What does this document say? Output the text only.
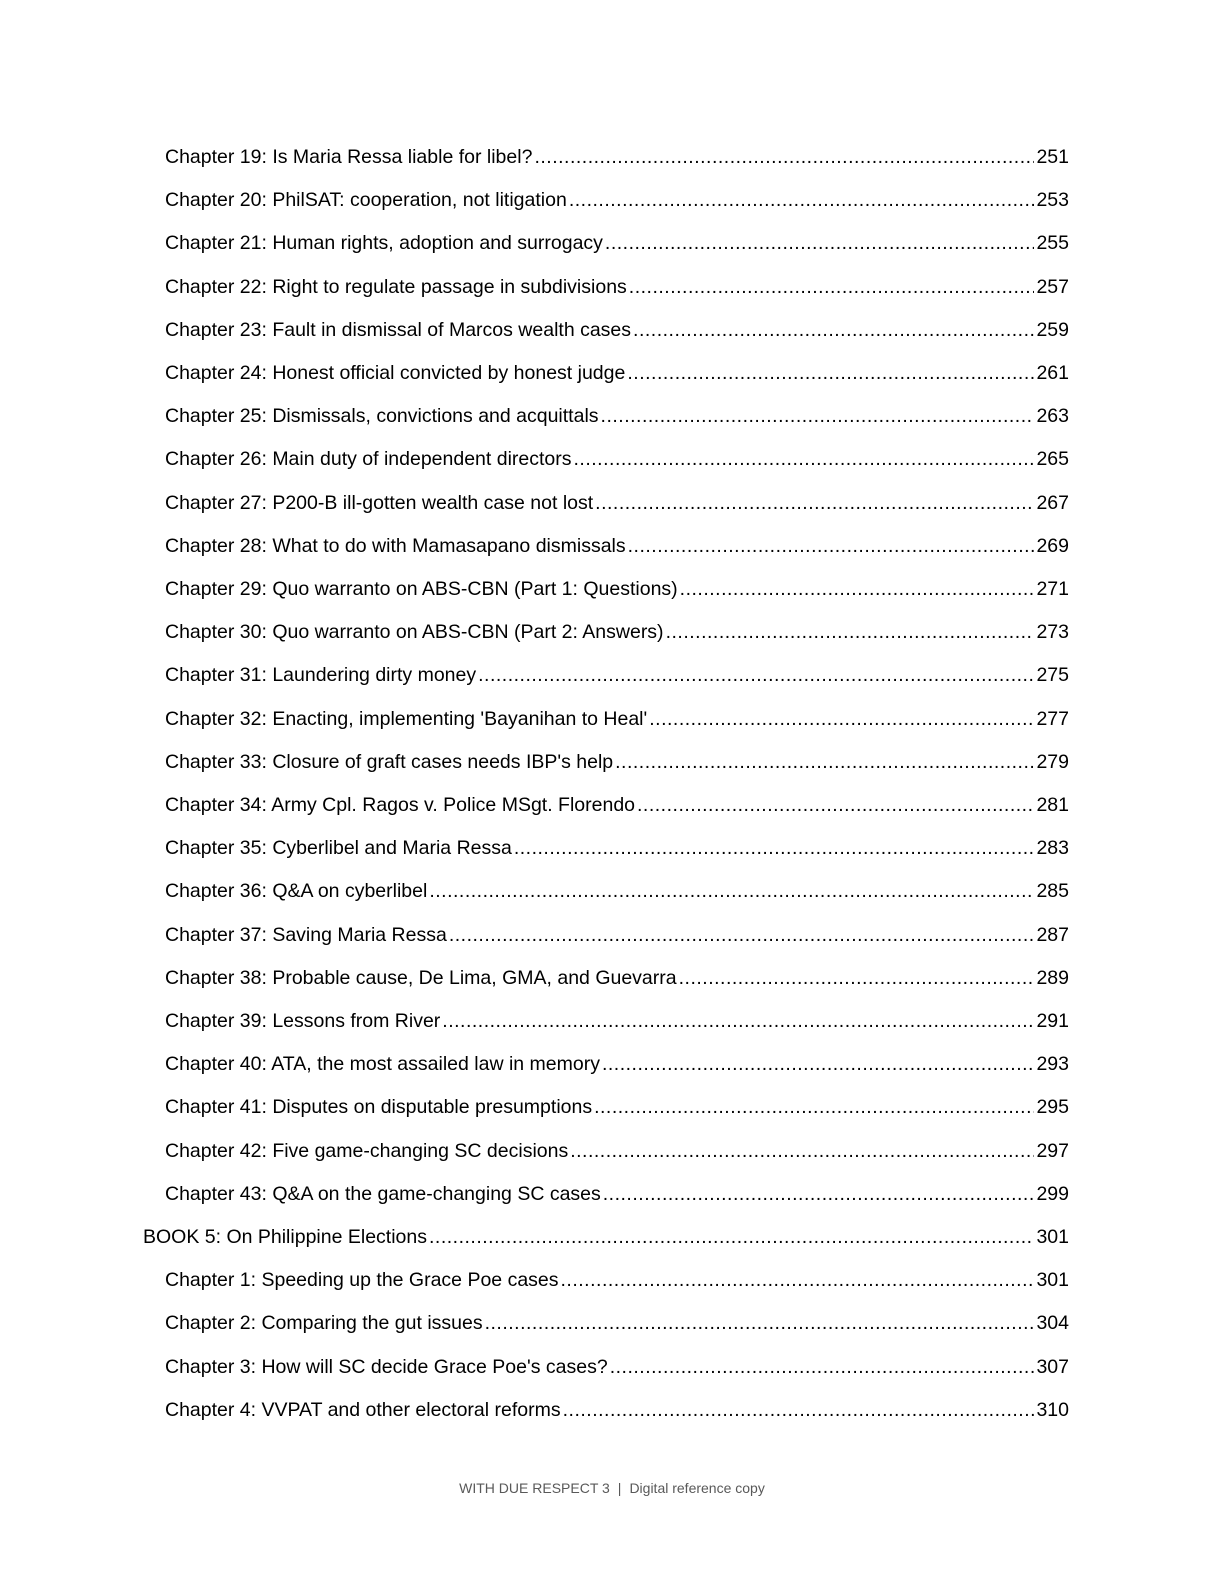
Chapter 19: Is Maria Ressa liable for libel? .....	251
Chapter 20: PhilSAT: cooperation, not litigation .....	253
Chapter 21: Human rights, adoption and surrogacy .....	255
Chapter 22: Right to regulate passage in subdivisions .....	257
Chapter 23: Fault in dismissal of Marcos wealth cases .....	259
Chapter 24: Honest official convicted by honest judge .....	261
Chapter 25: Dismissals, convictions and acquittals .....	263
Chapter 26: Main duty of independent directors .....	265
Chapter 27: P200-B ill-gotten wealth case not lost .....	267
Chapter 28: What to do with Mamasapano dismissals .....	269
Chapter 29: Quo warranto on ABS-CBN (Part 1: Questions) .....	271
Chapter 30: Quo warranto on ABS-CBN (Part 2: Answers) .....	273
Chapter 31: Laundering dirty money .....	275
Chapter 32: Enacting, implementing 'Bayanihan to Heal' .....	277
Chapter 33: Closure of graft cases needs IBP's help .....	279
Chapter 34: Army Cpl. Ragos v. Police MSgt. Florendo .....	281
Chapter 35: Cyberlibel and Maria Ressa .....	283
Chapter 36: Q&A on cyberlibel .....	285
Chapter 37: Saving Maria Ressa .....	287
Chapter 38: Probable cause, De Lima, GMA, and Guevarra .....	289
Chapter 39: Lessons from River .....	291
Chapter 40: ATA, the most assailed law in memory .....	293
Chapter 41: Disputes on disputable presumptions .....	295
Chapter 42: Five game-changing SC decisions .....	297
Chapter 43: Q&A on the game-changing SC cases .....	299
BOOK 5: On Philippine Elections .....	301
Chapter 1: Speeding up the Grace Poe cases .....	301
Chapter 2: Comparing the gut issues .....	304
Chapter 3: How will SC decide Grace Poe's cases? .....	307
Chapter 4: VVPAT and other electoral reforms .....	310
WITH DUE RESPECT 3 | Digital reference copy
